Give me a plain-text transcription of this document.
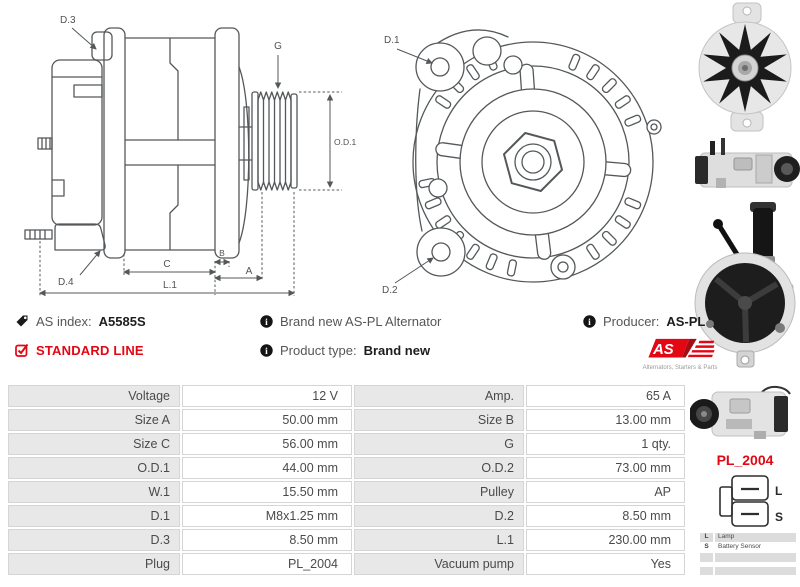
D.3
G
O.D.1
D.4
C
B
A
L.1
D.1
D.2
PL_2004
L
S
L	Lamp
S	Battery Sensor
AS index: A5585S
STANDARD LINE
i Brand new AS-PL Alternator
i Product type: Brand new
i Producer: AS-PL
AS
Alternators, Starters & Parts
Voltage	12 V	Amp.	65 A
Size A	50.00 mm	Size B	13.00 mm
Size C	56.00 mm	G	1 qty.
O.D.1	44.00 mm	O.D.2	73.00 mm
W.1	15.50 mm	Pulley	AP
D.1	M8x1.25 mm	D.2	8.50 mm
D.3	8.50 mm	L.1	230.00 mm
Plug	PL_2004	Vacuum pump	Yes
